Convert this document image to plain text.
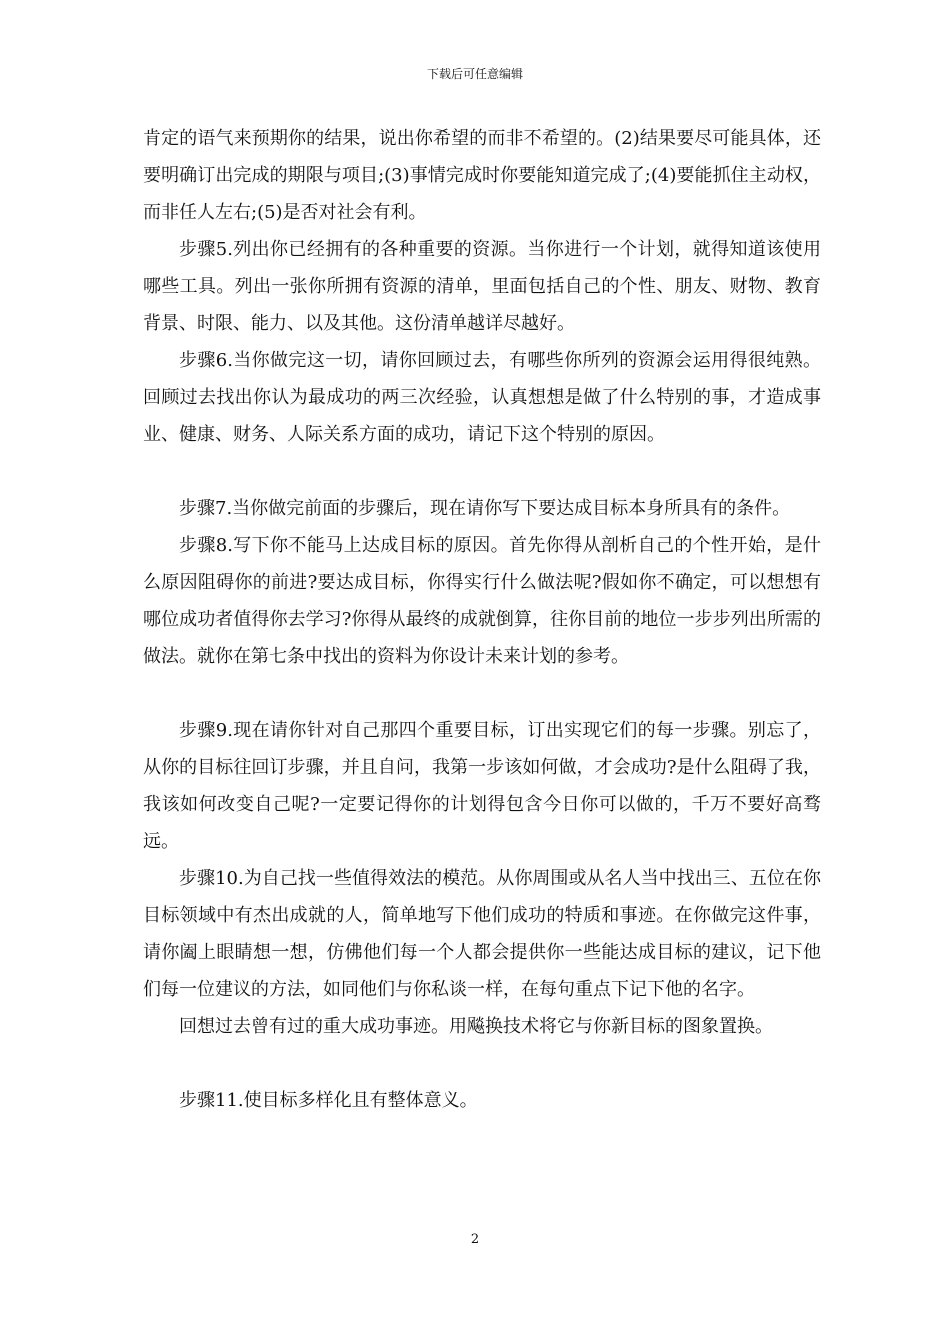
下载后可任意编辑

肯定的语气来预期你的结果，说出你希望的而非不希望的。(2)结果要尽可能具体，还要明确订出完成的期限与项目;(3)事情完成时你要能知道完成了;(4)要能抓住主动权，而非任人左右;(5)是否对社会有利。

步骤5.列出你已经拥有的各种重要的资源。当你进行一个计划，就得知道该使用哪些工具。列出一张你所拥有资源的清单，里面包括自己的个性、朋友、财物、教育背景、时限、能力、以及其他。这份清单越详尽越好。

步骤6.当你做完这一切，请你回顾过去，有哪些你所列的资源会运用得很纯熟。回顾过去找出你认为最成功的两三次经验，认真想想是做了什么特别的事，才造成事业、健康、财务、人际关系方面的成功，请记下这个特别的原因。

步骤7.当你做完前面的步骤后，现在请你写下要达成目标本身所具有的条件。

步骤8.写下你不能马上达成目标的原因。首先你得从剖析自己的个性开始，是什么原因阻碍你的前进?要达成目标，你得实行什么做法呢?假如你不确定，可以想想有哪位成功者值得你去学习?你得从最终的成就倒算，往你目前的地位一步步列出所需的做法。就你在第七条中找出的资料为你设计未来计划的参考。

步骤9.现在请你针对自己那四个重要目标，订出实现它们的每一步骤。别忘了，从你的目标往回订步骤，并且自问，我第一步该如何做，才会成功?是什么阻碍了我，我该如何改变自己呢?一定要记得你的计划得包含今日你可以做的，千万不要好高骛远。

步骤10.为自己找一些值得效法的模范。从你周围或从名人当中找出三、五位在你目标领域中有杰出成就的人，简单地写下他们成功的特质和事迹。在你做完这件事，请你阖上眼睛想一想，仿佛他们每一个人都会提供你一些能达成目标的建议，记下他们每一位建议的方法，如同他们与你私谈一样，在每句重点下记下他的名字。

回想过去曾有过的重大成功事迹。用飚换技术将它与你新目标的图象置换。

步骤11.使目标多样化且有整体意义。

2
